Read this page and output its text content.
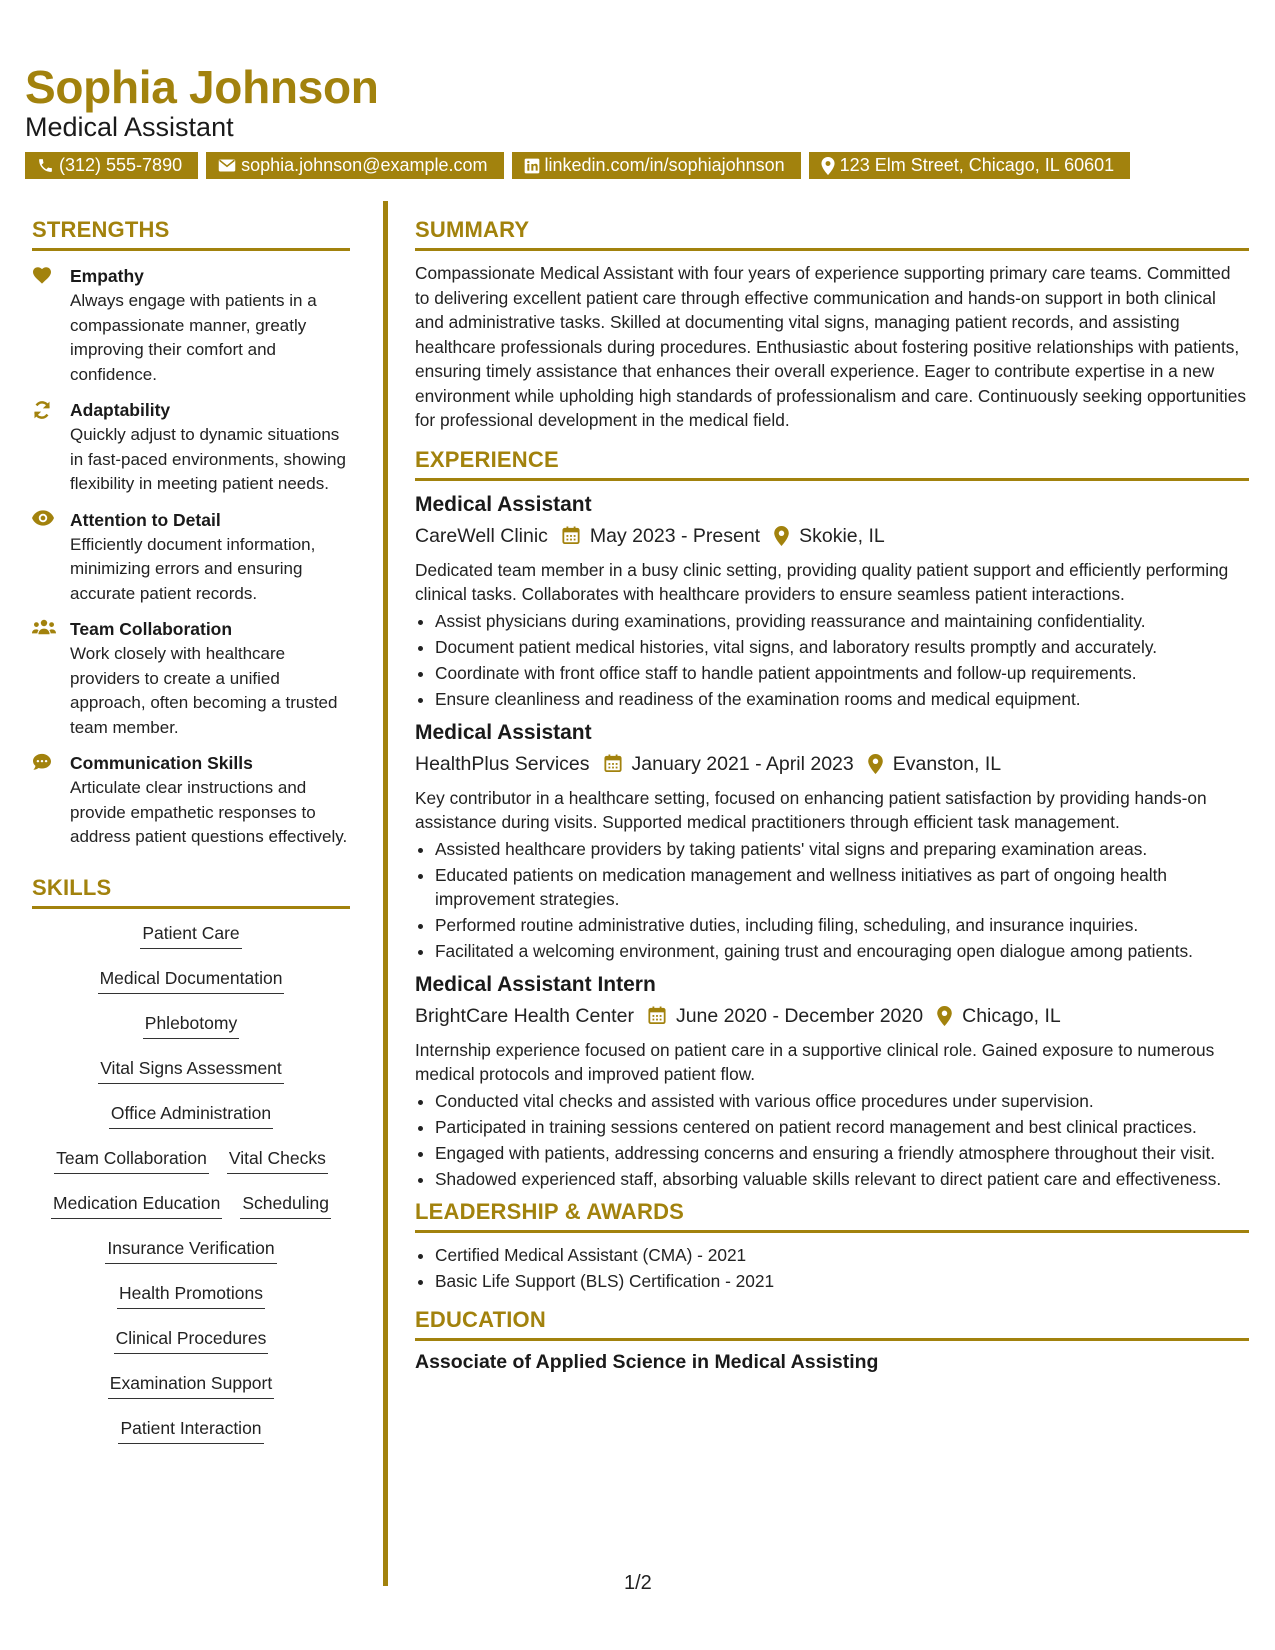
Sophia Johnson
Medical Assistant
(312) 555-7890	sophia.johnson@example.com	linkedin.com/in/sophiajohnson	123 Elm Street, Chicago, IL 60601
STRENGTHS
Empathy
Always engage with patients in a compassionate manner, greatly improving their comfort and confidence.
Adaptability
Quickly adjust to dynamic situations in fast-paced environments, showing flexibility in meeting patient needs.
Attention to Detail
Efficiently document information, minimizing errors and ensuring accurate patient records.
Team Collaboration
Work closely with healthcare providers to create a unified approach, often becoming a trusted team member.
Communication Skills
Articulate clear instructions and provide empathetic responses to address patient questions effectively.
SKILLS
Patient Care
Medical Documentation
Phlebotomy
Vital Signs Assessment
Office Administration
Team Collaboration Vital Checks
Medication Education Scheduling
Insurance Verification
Health Promotions
Clinical Procedures
Examination Support
Patient Interaction
SUMMARY
Compassionate Medical Assistant with four years of experience supporting primary care teams. Committed to delivering excellent patient care through effective communication and hands-on support in both clinical and administrative tasks. Skilled at documenting vital signs, managing patient records, and assisting healthcare professionals during procedures. Enthusiastic about fostering positive relationships with patients, ensuring timely assistance that enhances their overall experience. Eager to contribute expertise in a new environment while upholding high standards of professionalism and care. Continuously seeking opportunities for professional development in the medical field.
EXPERIENCE
Medical Assistant
CareWell Clinic May 2023 - Present Skokie, IL
Dedicated team member in a busy clinic setting, providing quality patient support and efficiently performing clinical tasks. Collaborates with healthcare providers to ensure seamless patient interactions.
• Assist physicians during examinations, providing reassurance and maintaining confidentiality.
• Document patient medical histories, vital signs, and laboratory results promptly and accurately.
• Coordinate with front office staff to handle patient appointments and follow-up requirements.
• Ensure cleanliness and readiness of the examination rooms and medical equipment.
Medical Assistant
HealthPlus Services January 2021 - April 2023 Evanston, IL
Key contributor in a healthcare setting, focused on enhancing patient satisfaction by providing hands-on assistance during visits. Supported medical practitioners through efficient task management.
• Assisted healthcare providers by taking patients' vital signs and preparing examination areas.
• Educated patients on medication management and wellness initiatives as part of ongoing health improvement strategies.
• Performed routine administrative duties, including filing, scheduling, and insurance inquiries.
• Facilitated a welcoming environment, gaining trust and encouraging open dialogue among patients.
Medical Assistant Intern
BrightCare Health Center June 2020 - December 2020 Chicago, IL
Internship experience focused on patient care in a supportive clinical role. Gained exposure to numerous medical protocols and improved patient flow.
• Conducted vital checks and assisted with various office procedures under supervision.
• Participated in training sessions centered on patient record management and best clinical practices.
• Engaged with patients, addressing concerns and ensuring a friendly atmosphere throughout their visit.
• Shadowed experienced staff, absorbing valuable skills relevant to direct patient care and effectiveness.
LEADERSHIP & AWARDS
• Certified Medical Assistant (CMA) - 2021
• Basic Life Support (BLS) Certification - 2021
EDUCATION
Associate of Applied Science in Medical Assisting
1/2
